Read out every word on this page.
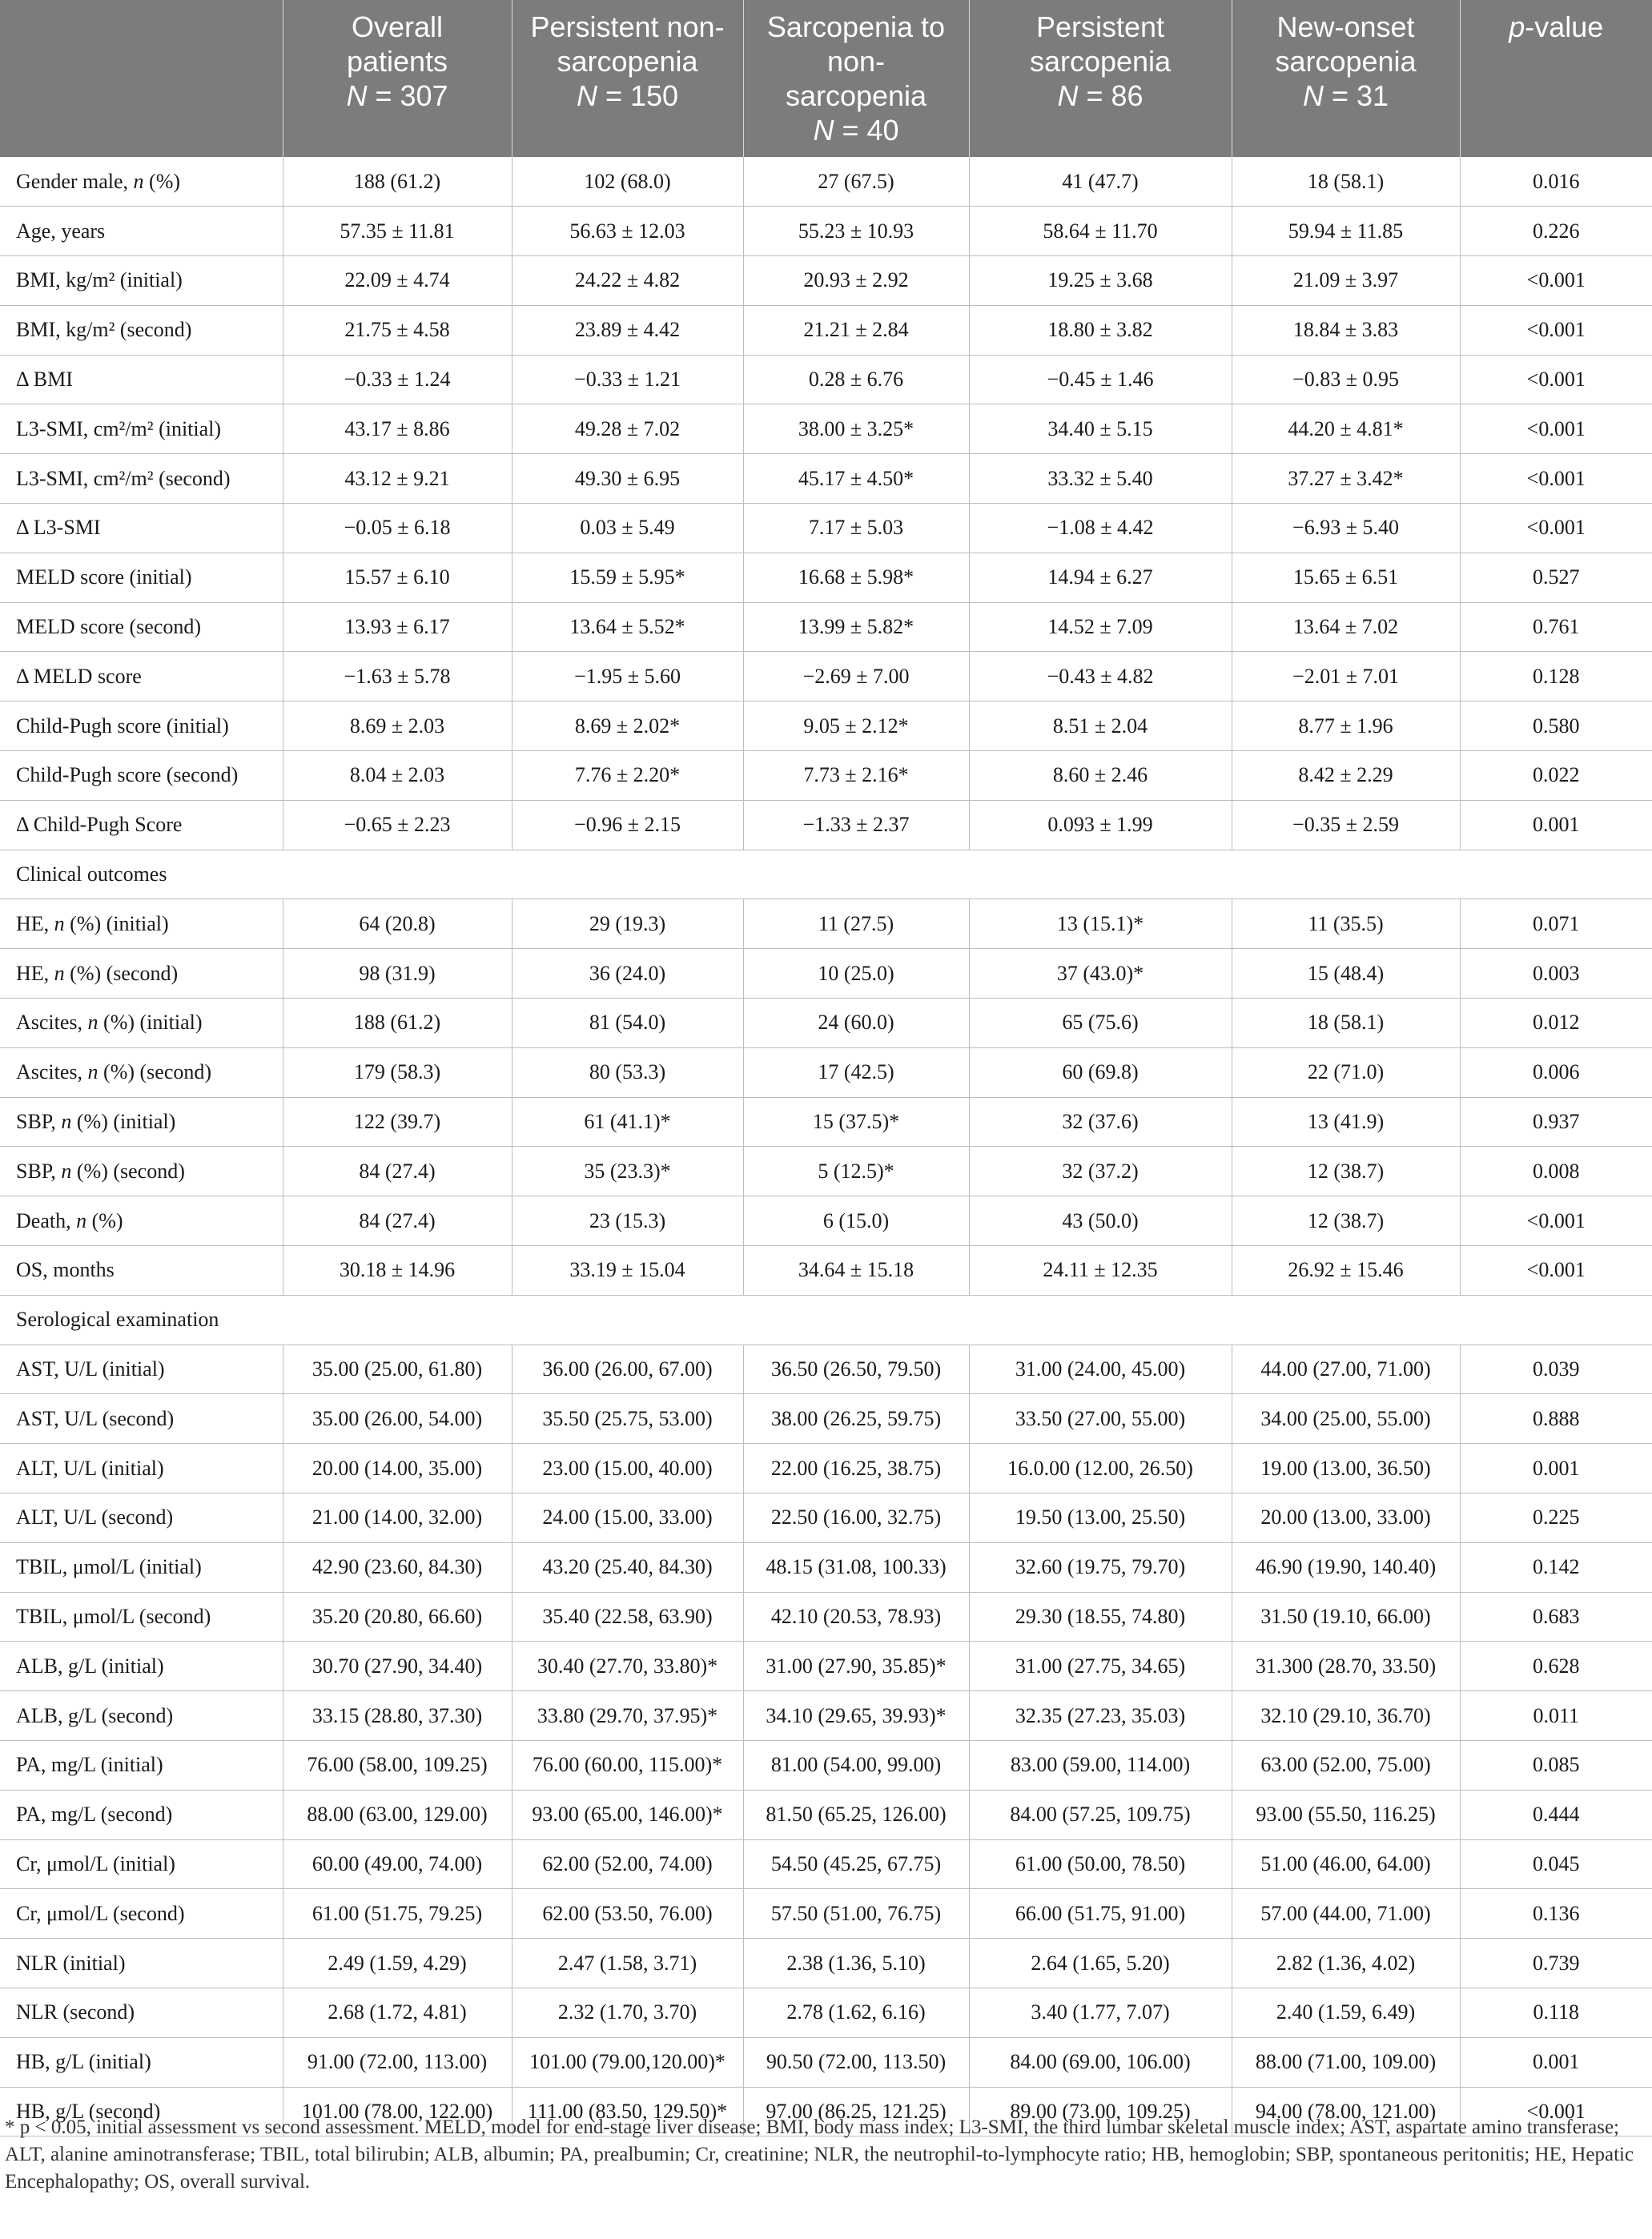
	Overall
patients
N = 307	Persistent non-
sarcopenia
N = 150	Sarcopenia to
non-
sarcopenia
N = 40	Persistent
sarcopenia
N = 86	New-onset
sarcopenia
N = 31	p-value
Gender male, n (%)	188 (61.2)	102 (68.0)	27 (67.5)	41 (47.7)	18 (58.1)	0.016
Age, years	57.35 ± 11.81	56.63 ± 12.03	55.23 ± 10.93	58.64 ± 11.70	59.94 ± 11.85	0.226
BMI, kg/m² (initial)	22.09 ± 4.74	24.22 ± 4.82	20.93 ± 2.92	19.25 ± 3.68	21.09 ± 3.97	<0.001
BMI, kg/m² (second)	21.75 ± 4.58	23.89 ± 4.42	21.21 ± 2.84	18.80 ± 3.82	18.84 ± 3.83	<0.001
Δ BMI	−0.33 ± 1.24	−0.33 ± 1.21	0.28 ± 6.76	−0.45 ± 1.46	−0.83 ± 0.95	<0.001
L3-SMI, cm²/m² (initial)	43.17 ± 8.86	49.28 ± 7.02	38.00 ± 3.25*	34.40 ± 5.15	44.20 ± 4.81*	<0.001
L3-SMI, cm²/m² (second)	43.12 ± 9.21	49.30 ± 6.95	45.17 ± 4.50*	33.32 ± 5.40	37.27 ± 3.42*	<0.001
Δ L3-SMI	−0.05 ± 6.18	0.03 ± 5.49	7.17 ± 5.03	−1.08 ± 4.42	−6.93 ± 5.40	<0.001
MELD score (initial)	15.57 ± 6.10	15.59 ± 5.95*	16.68 ± 5.98*	14.94 ± 6.27	15.65 ± 6.51	0.527
MELD score (second)	13.93 ± 6.17	13.64 ± 5.52*	13.99 ± 5.82*	14.52 ± 7.09	13.64 ± 7.02	0.761
Δ MELD score	−1.63 ± 5.78	−1.95 ± 5.60	−2.69 ± 7.00	−0.43 ± 4.82	−2.01 ± 7.01	0.128
Child-Pugh score (initial)	8.69 ± 2.03	8.69 ± 2.02*	9.05 ± 2.12*	8.51 ± 2.04	8.77 ± 1.96	0.580
Child-Pugh score (second)	8.04 ± 2.03	7.76 ± 2.20*	7.73 ± 2.16*	8.60 ± 2.46	8.42 ± 2.29	0.022
Δ Child-Pugh Score	−0.65 ± 2.23	−0.96 ± 2.15	−1.33 ± 2.37	0.093 ± 1.99	−0.35 ± 2.59	0.001
Clinical outcomes						
HE, n (%) (initial)	64 (20.8)	29 (19.3)	11 (27.5)	13 (15.1)*	11 (35.5)	0.071
HE, n (%) (second)	98 (31.9)	36 (24.0)	10 (25.0)	37 (43.0)*	15 (48.4)	0.003
Ascites, n (%) (initial)	188 (61.2)	81 (54.0)	24 (60.0)	65 (75.6)	18 (58.1)	0.012
Ascites, n (%) (second)	179 (58.3)	80 (53.3)	17 (42.5)	60 (69.8)	22 (71.0)	0.006
SBP, n (%) (initial)	122 (39.7)	61 (41.1)*	15 (37.5)*	32 (37.6)	13 (41.9)	0.937
SBP, n (%) (second)	84 (27.4)	35 (23.3)*	5 (12.5)*	32 (37.2)	12 (38.7)	0.008
Death, n (%)	84 (27.4)	23 (15.3)	6 (15.0)	43 (50.0)	12 (38.7)	<0.001
OS, months	30.18 ± 14.96	33.19 ± 15.04	34.64 ± 15.18	24.11 ± 12.35	26.92 ± 15.46	<0.001
Serological examination						
AST, U/L (initial)	35.00 (25.00, 61.80)	36.00 (26.00, 67.00)	36.50 (26.50, 79.50)	31.00 (24.00, 45.00)	44.00 (27.00, 71.00)	0.039
AST, U/L (second)	35.00 (26.00, 54.00)	35.50 (25.75, 53.00)	38.00 (26.25, 59.75)	33.50 (27.00, 55.00)	34.00 (25.00, 55.00)	0.888
ALT, U/L (initial)	20.00 (14.00, 35.00)	23.00 (15.00, 40.00)	22.00 (16.25, 38.75)	16.0.00 (12.00, 26.50)	19.00 (13.00, 36.50)	0.001
ALT, U/L (second)	21.00 (14.00, 32.00)	24.00 (15.00, 33.00)	22.50 (16.00, 32.75)	19.50 (13.00, 25.50)	20.00 (13.00, 33.00)	0.225
TBIL, μmol/L (initial)	42.90 (23.60, 84.30)	43.20 (25.40, 84.30)	48.15 (31.08, 100.33)	32.60 (19.75, 79.70)	46.90 (19.90, 140.40)	0.142
TBIL, μmol/L (second)	35.20 (20.80, 66.60)	35.40 (22.58, 63.90)	42.10 (20.53, 78.93)	29.30 (18.55, 74.80)	31.50 (19.10, 66.00)	0.683
ALB, g/L (initial)	30.70 (27.90, 34.40)	30.40 (27.70, 33.80)*	31.00 (27.90, 35.85)*	31.00 (27.75, 34.65)	31.300 (28.70, 33.50)	0.628
ALB, g/L (second)	33.15 (28.80, 37.30)	33.80 (29.70, 37.95)*	34.10 (29.65, 39.93)*	32.35 (27.23, 35.03)	32.10 (29.10, 36.70)	0.011
PA, mg/L (initial)	76.00 (58.00, 109.25)	76.00 (60.00, 115.00)*	81.00 (54.00, 99.00)	83.00 (59.00, 114.00)	63.00 (52.00, 75.00)	0.085
PA, mg/L (second)	88.00 (63.00, 129.00)	93.00 (65.00, 146.00)*	81.50 (65.25, 126.00)	84.00 (57.25, 109.75)	93.00 (55.50, 116.25)	0.444
Cr, μmol/L (initial)	60.00 (49.00, 74.00)	62.00 (52.00, 74.00)	54.50 (45.25, 67.75)	61.00 (50.00, 78.50)	51.00 (46.00, 64.00)	0.045
Cr, μmol/L (second)	61.00 (51.75, 79.25)	62.00 (53.50, 76.00)	57.50 (51.00, 76.75)	66.00 (51.75, 91.00)	57.00 (44.00, 71.00)	0.136
NLR (initial)	2.49 (1.59, 4.29)	2.47 (1.58, 3.71)	2.38 (1.36, 5.10)	2.64 (1.65, 5.20)	2.82 (1.36, 4.02)	0.739
NLR (second)	2.68 (1.72, 4.81)	2.32 (1.70, 3.70)	2.78 (1.62, 6.16)	3.40 (1.77, 7.07)	2.40 (1.59, 6.49)	0.118
HB, g/L (initial)	91.00 (72.00, 113.00)	101.00 (79.00,120.00)*	90.50 (72.00, 113.50)	84.00 (69.00, 106.00)	88.00 (71.00, 109.00)	0.001
HB, g/L (second)	101.00 (78.00, 122.00)	111.00 (83.50, 129.50)*	97.00 (86.25, 121.25)	89.00 (73.00, 109.25)	94.00 (78.00, 121.00)	<0.001
* p < 0.05, initial assessment vs second assessment. MELD, model for end-stage liver disease; BMI, body mass index; L3-SMI, the third lumbar skeletal muscle index; AST, aspartate amino transferase; ALT, alanine aminotransferase; TBIL, total bilirubin; ALB, albumin; PA, prealbumin; Cr, creatinine; NLR, the neutrophil-to-lymphocyte ratio; HB, hemoglobin; SBP, spontaneous peritonitis; HE, Hepatic Encephalopathy; OS, overall survival.
